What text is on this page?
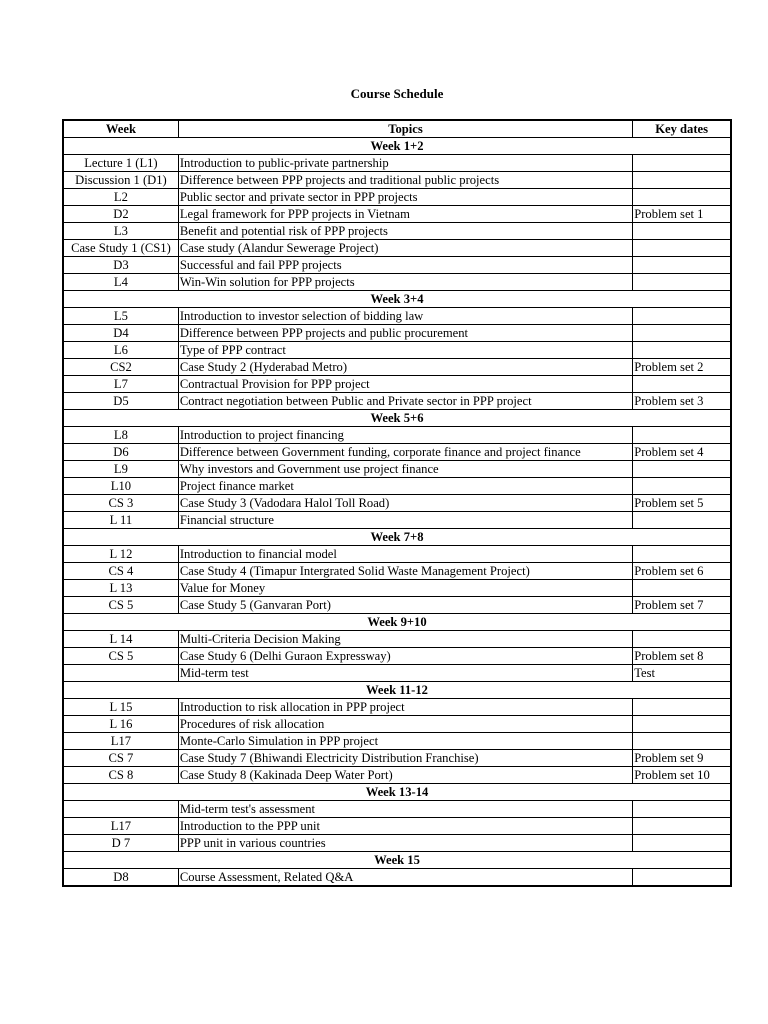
Course Schedule
Week	Topics	Key dates
Week 1+2		
Lecture 1 (L1)	Introduction to public-private partnership	
Discussion 1 (D1)	Difference between PPP projects and traditional public projects	
L2	Public sector and private sector in PPP projects	
D2	Legal framework for PPP projects in Vietnam	Problem set 1
L3	Benefit and potential risk of PPP projects	
Case Study 1 (CS1)	Case study (Alandur Sewerage Project)	
D3	Successful and fail PPP projects	
L4	Win-Win solution for PPP projects	
Week 3+4		
L5	Introduction to investor selection of bidding law	
D4	Difference between PPP projects and public procurement	
L6	Type of PPP contract	
CS2	Case Study 2 (Hyderabad Metro)	Problem set 2
L7	Contractual Provision for PPP project	
D5	Contract negotiation between Public and Private sector in PPP project	Problem set 3
Week 5+6		
L8	Introduction to project financing	
D6	Difference between Government funding, corporate finance and project finance	Problem set 4
L9	Why investors and Government use project finance	
L10	Project finance market	
CS 3	Case Study 3 (Vadodara Halol Toll Road)	Problem set 5
L 11	Financial structure	
Week 7+8		
L 12	Introduction to financial model	
CS 4	Case Study 4 (Timapur Intergrated Solid Waste Management Project)	Problem set 6
L 13	Value for Money	
CS 5	Case Study 5 (Ganvaran Port)	Problem set 7
Week 9+10		
L 14	Multi-Criteria Decision Making	
CS 5	Case Study 6 (Delhi Guraon Expressway)	Problem set 8
	Mid-term test	Test
Week 11-12		
L 15	Introduction to risk allocation in PPP project	
L 16	Procedures of risk allocation	
L17	Monte-Carlo Simulation in PPP project	
CS 7	Case Study 7 (Bhiwandi Electricity Distribution Franchise)	Problem set 9
CS 8	Case Study 8 (Kakinada Deep Water Port)	Problem set 10
Week 13-14		
	Mid-term test's assessment	
L17	Introduction to the PPP unit	
D 7	PPP unit in various countries	
Week 15		
D8	Course Assessment, Related Q&A	
